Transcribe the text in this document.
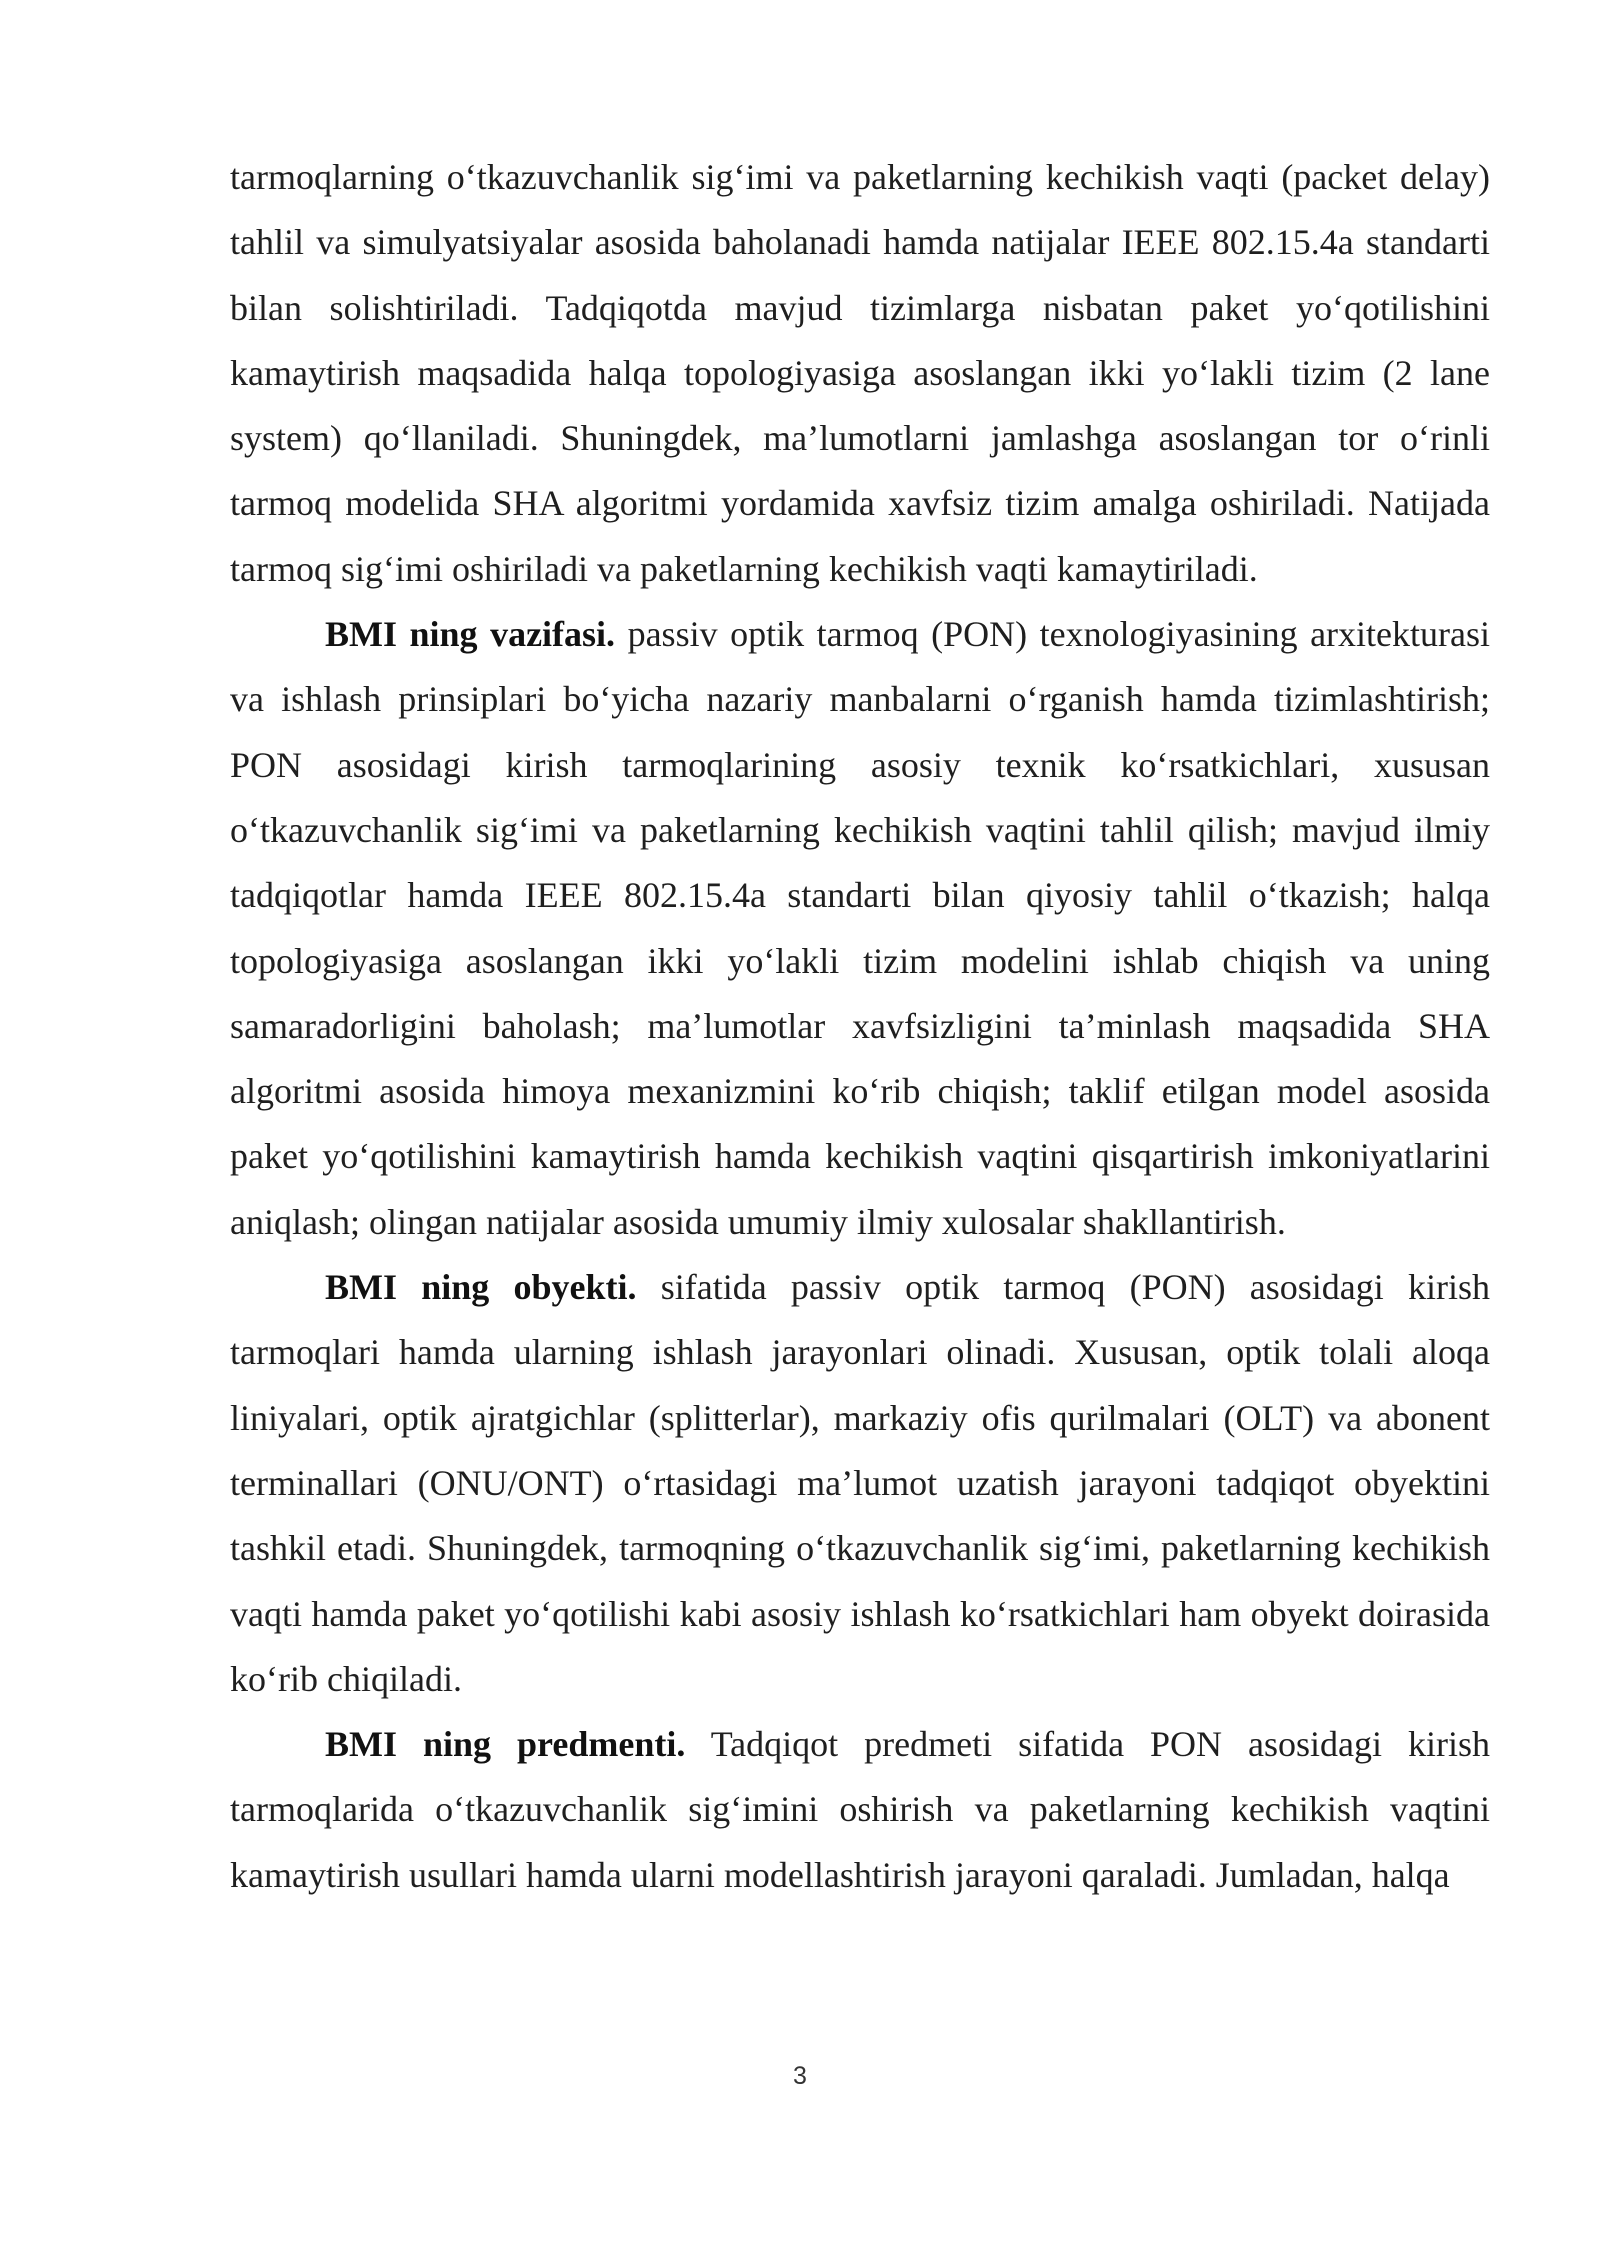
tarmoqlarning o‘tkazuvchanlik sig‘imi va paketlarning kechikish vaqti (packet delay) tahlil va simulyatsiyalar asosida baholanadi hamda natijalar IEEE 802.15.4a standarti bilan solishtiriladi. Tadqiqotda mavjud tizimlarga nisbatan paket yo‘qotilishini kamaytirish maqsadida halqa topologiyasiga asoslangan ikki yo‘lakli tizim (2 lane system) qo‘llaniladi. Shuningdek, ma’lumotlarni jamlashga asoslangan tor o‘rinli tarmoq modelida SHA algoritmi yordamida xavfsiz tizim amalga oshiriladi. Natijada tarmoq sig‘imi oshiriladi va paketlarning kechikish vaqti kamaytiriladi.

BMI ning vazifasi. passiv optik tarmoq (PON) texnologiyasining arxitekturasi va ishlash prinsiplari bo‘yicha nazariy manbalarni o‘rganish hamda tizimlashtirish; PON asosidagi kirish tarmoqlarining asosiy texnik ko‘rsatkichlari, xususan o‘tkazuvchanlik sig‘imi va paketlarning kechikish vaqtini tahlil qilish; mavjud ilmiy tadqiqotlar hamda IEEE 802.15.4a standarti bilan qiyosiy tahlil o‘tkazish; halqa topologiyasiga asoslangan ikki yo‘lakli tizim modelini ishlab chiqish va uning samaradorligini baholash; ma’lumotlar xavfsizligini ta’minlash maqsadida SHA algoritmi asosida himoya mexanizmini ko‘rib chiqish; taklif etilgan model asosida paket yo‘qotilishini kamaytirish hamda kechikish vaqtini qisqartirish imkoniyatlarini aniqlash; olingan natijalar asosida umumiy ilmiy xulosalar shakllantirish.

BMI ning obyekti. sifatida passiv optik tarmoq (PON) asosidagi kirish tarmoqlari hamda ularning ishlash jarayonlari olinadi. Xususan, optik tolali aloqa liniyalari, optik ajratgichlar (splitterlar), markaziy ofis qurilmalari (OLT) va abonent terminallari (ONU/ONT) o‘rtasidagi ma’lumot uzatish jarayoni tadqiqot obyektini tashkil etadi. Shuningdek, tarmoqning o‘tkazuvchanlik sig‘imi, paketlarning kechikish vaqti hamda paket yo‘qotilishi kabi asosiy ishlash ko‘rsatkichlari ham obyekt doirasida ko‘rib chiqiladi.

BMI ning predmenti. Tadqiqot predmeti sifatida PON asosidagi kirish tarmoqlarida o‘tkazuvchanlik sig‘imini oshirish va paketlarning kechikish vaqtini kamaytirish usullari hamda ularni modellashtirish jarayoni qaraladi. Jumladan, halqa

3
